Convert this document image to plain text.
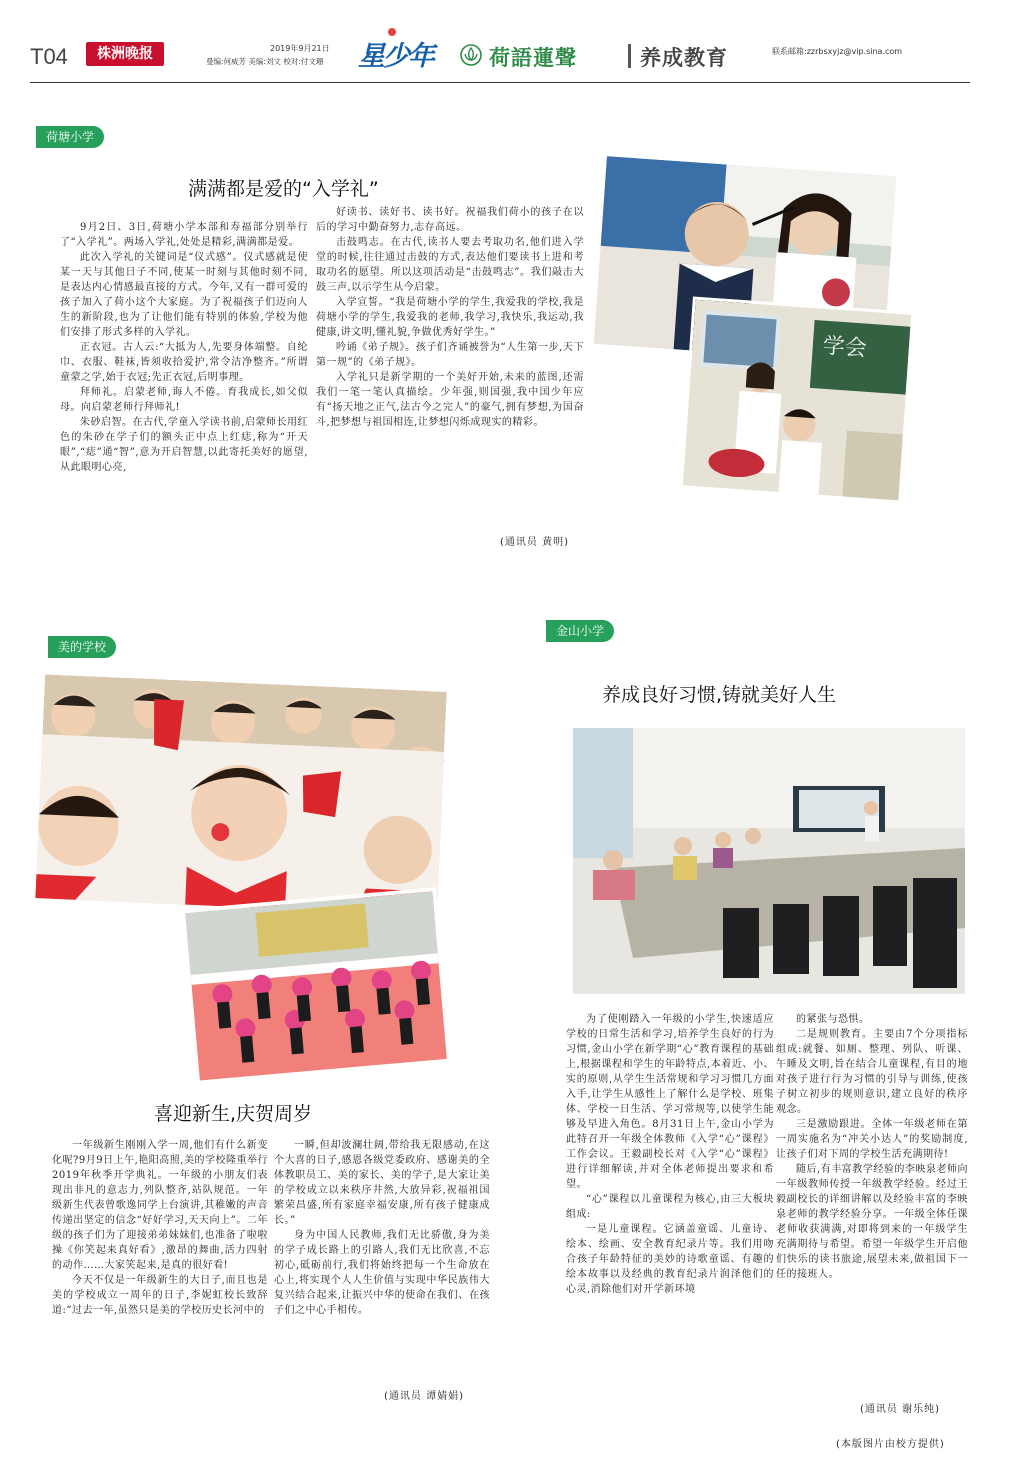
T04	株洲晚报	2019年9月21日
曼编:何威芳 美编:刘文 校对:付文珊 星少年	荷語蓮聲	养成教育	联系邮箱:zzrbsxyjz@vip.sina.com
荷塘小学
满满都是爱的“入学礼”

9月2日、3日,荷塘小学本部和寿福部分别举行了“入学礼”。两场入学礼,处处是精彩,满满都是爱。

此次入学礼的关键词是“仪式感”。仪式感就是使某一天与其他日子不同,使某一时刻与其他时刻不同,是表达内心情感最直接的方式。今年,又有一群可爱的孩子加入了荷小这个大家庭。为了祝福孩子们迈向人生的新阶段,也为了让他们能有特别的体验,学校为他们安排了形式多样的入学礼。

正衣冠。古人云:“大抵为人,先要身体端整。自纶巾、衣服、鞋袜,皆须收拾爱护,常令洁净整齐。”所谓童蒙之学,始于衣冠;先正衣冠,后明事理。

拜师礼。启蒙老师,诲人不倦。育我成长,如父似母。向启蒙老师行拜师礼!

朱砂启智。在古代,学童入学读书前,启蒙师长用红色的朱砂在学子们的额头正中点上红痣,称为“开天眼”,“痣”通“智”,意为开启智慧,以此寄托美好的愿望,从此眼明心亮,

好读书、读好书、读书好。祝福我们荷小的孩子在以后的学习中勤奋努力,志存高远。

击鼓鸣志。在古代,读书人要去考取功名,他们进入学堂的时候,往往通过击鼓的方式,表达他们要读书上进和考取功名的愿望。所以这项活动是“击鼓鸣志”。我们敲击大鼓三声,以示学生从今启蒙。

入学宣誓。“我是荷塘小学的学生,我爱我的学校,我是荷塘小学的学生,我爱我的老师,我学习,我快乐,我运动,我健康,讲文明,懂礼貌,争做优秀好学生。”

吟诵《弟子规》。孩子们齐诵被誉为“人生第一步,天下第一规”的《弟子规》。

入学礼只是新学期的一个美好开始,未来的蓝图,还需我们一笔一笔认真描绘。少年强,则国强,我中国少年应有“扬天地之正气,法古今之完人”的豪气,拥有梦想,为国奋斗,把梦想与祖国相连,让梦想闪烁成现实的精彩。

(通讯员 黄明)
学会
美的学校
喜迎新生,庆贺周岁

一年级新生刚刚入学一周,他们有什么新变化呢?9月9日上午,艳阳高照,美的学校隆重举行2019年秋季开学典礼。一年级的小朋友们表现出非凡的意志力,列队整齐,站队规范。一年级新生代表曾歌逸同学上台演讲,其稚嫩的声音传递出坚定的信念“好好学习,天天向上”。二年级的孩子们为了迎接弟弟妹妹们,也准备了啦啦操《你笑起来真好看》,激昂的舞曲,活力四射的动作……大家笑起来,是真的很好看!

今天不仅是一年级新生的大日子,而且也是美的学校成立一周年的日子,李妮虹校长致辞道:“过去一年,虽然只是美的学校历史长河中的

一瞬,但却波澜壮阔,带给我无限感动,在这个大喜的日子,感恩各级党委政府、感谢美的全体教职员工、美的家长、美的学子,是大家让美的学校成立以来秩序井然,大放异彩,祝福祖国繁荣昌盛,所有家庭幸福安康,所有孩子健康成长。”

身为中国人民教师,我们无比骄傲,身为美的学子成长路上的引路人,我们无比欣喜,不忘初心,砥砺前行,我们将始终把每一个生命放在心上,将实现个人人生价值与实现中华民族伟大复兴结合起来,让振兴中华的使命在我们、在孩子们之中心手相传。

(通讯员 谭婧娟)
金山小学
养成良好习惯,铸就美好人生

为了使刚踏入一年级的小学生,快速适应学校的日常生活和学习,培养学生良好的行为习惯,金山小学在新学期“心”教育课程的基础上,根据课程和学生的年龄特点,本着近、小、实的原则,从学生生活常规和学习习惯几方面入手,让学生从感性上了解什么是学校、班集体、学校一日生活、学习常规等,以使学生能够及早进入角色。8月31日上午,金山小学为此特召开一年级全体教师《入学“心”课程》工作会议。王毅副校长对《入学“心”课程》进行详细解读,并对全体老师提出要求和希望。

“心”课程以儿童课程为核心,由三大板块组成:

一是儿童课程。它涵盖童谣、儿童诗、绘本、绘画、安全教育纪录片等。我们用吻合孩子年龄特征的美妙的诗歌童谣、有趣的绘本故事以及经典的教育纪录片润泽他们的心灵,消除他们对开学新环境

的紧张与恐惧。

二是规则教育。主要由7个分项指标组成:就餐、如厕、整理、列队、听课、午睡及文明,旨在结合儿童课程,有目的地对孩子进行行为习惯的引导与训练,使孩子树立初步的规则意识,建立良好的秩序观念。

三是激励跟进。全体一年级老师在第一周实施名为“冲关小达人”的奖励制度,让孩子们对下周的学校生活充满期待!

随后,有丰富教学经验的李映泉老师向一年级教师传授一年级教学经验。经过王毅副校长的详细讲解以及经验丰富的李映泉老师的教学经验分享。一年级全体任课老师收获满满,对即将到来的一年级学生充满期待与希望。希望一年级学生开启他们快乐的读书旅途,展望未来,做祖国下一任的接班人。

(通讯员 谢乐纯)
(本版图片由校方提供)
